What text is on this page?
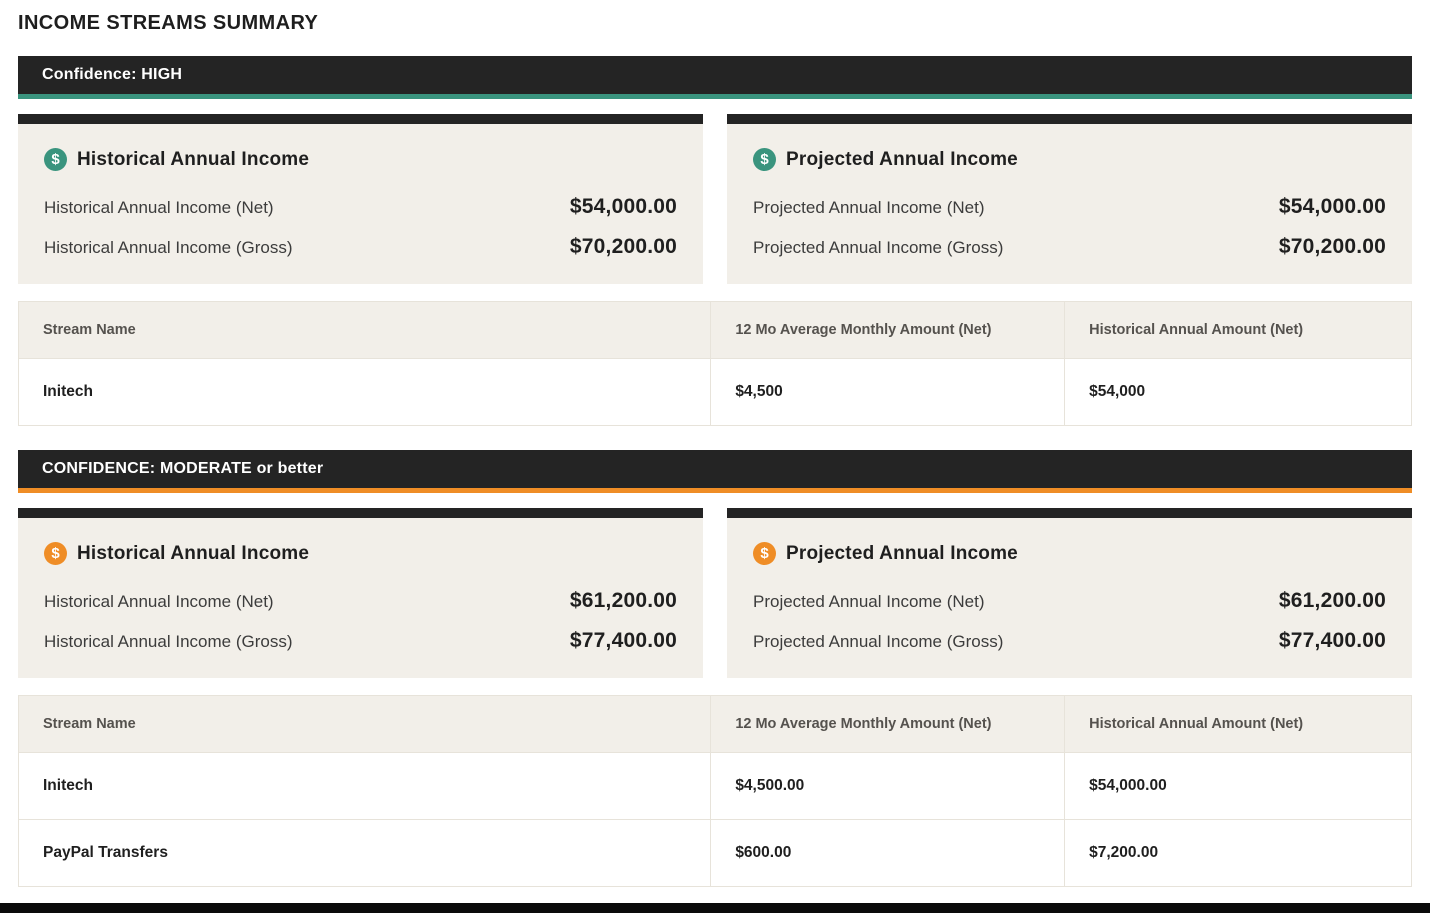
INCOME STREAMS SUMMARY
Confidence: HIGH
$ Historical Annual Income
Historical Annual Income (Net)	$54,000.00
Historical Annual Income (Gross)	$70,200.00
$ Projected Annual Income
Projected Annual Income (Net)	$54,000.00
Projected Annual Income (Gross)	$70,200.00
Stream Name	12 Mo Average Monthly Amount (Net)	Historical Annual Amount (Net)
Initech	$4,500	$54,000
CONFIDENCE: MODERATE or better
$ Historical Annual Income
Historical Annual Income (Net)	$61,200.00
Historical Annual Income (Gross)	$77,400.00
$ Projected Annual Income
Projected Annual Income (Net)	$61,200.00
Projected Annual Income (Gross)	$77,400.00
Stream Name	12 Mo Average Monthly Amount (Net)	Historical Annual Amount (Net)
Initech	$4,500.00	$54,000.00
PayPal Transfers	$600.00	$7,200.00
